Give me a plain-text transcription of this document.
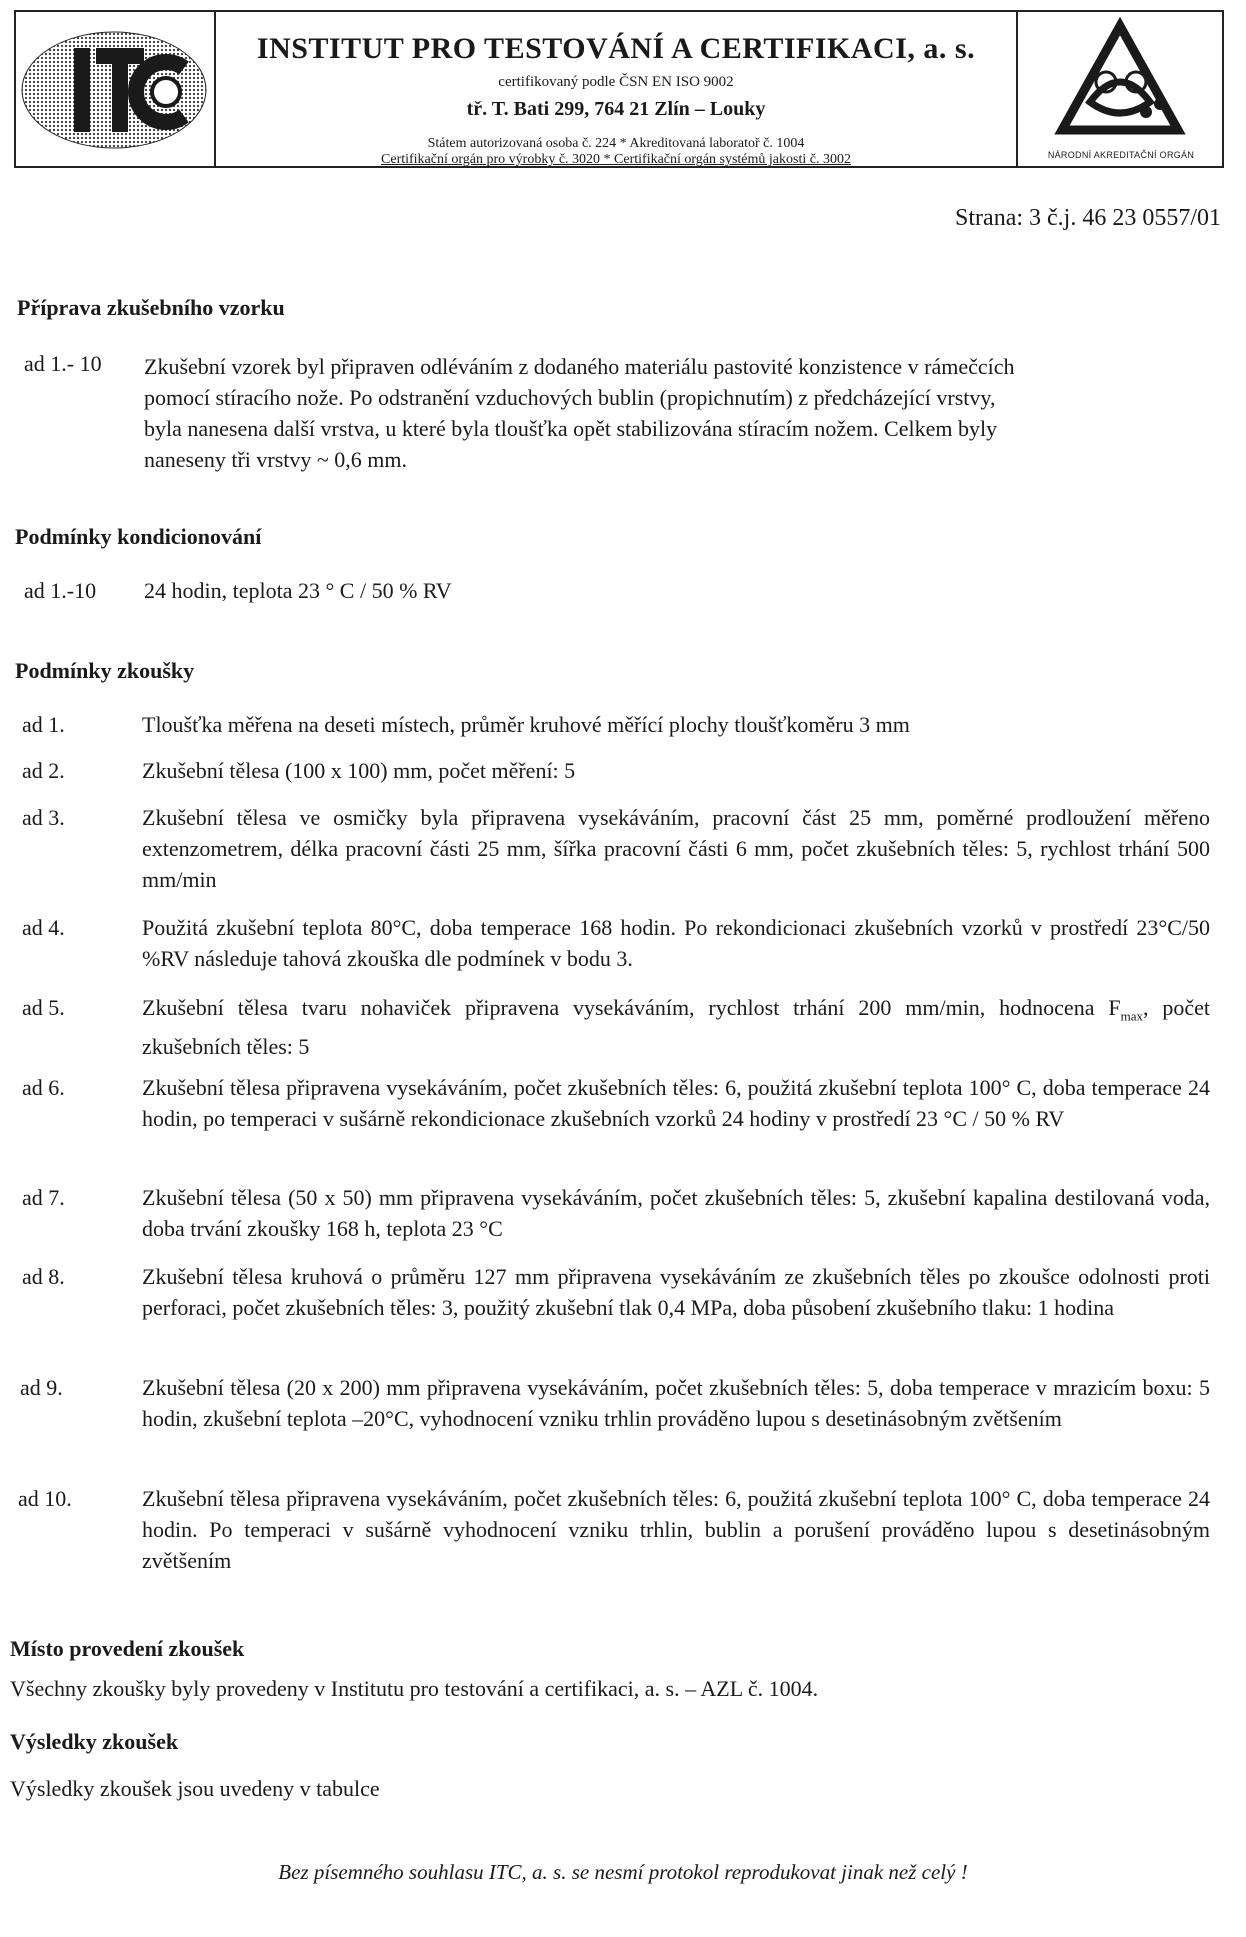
INSTITUT PRO TESTOVÁNÍ A CERTIFIKACI, a. s.
certifikovaný podle ČSN EN ISO 9002
tř. T. Bati 299, 764 21 Zlín – Louky
Státem autorizovaná osoba č. 224 * Akreditovaná laboratoř č. 1004
Certifikační orgán pro výrobky č. 3020 * Certifikační orgán systémů jakosti č. 3002	NÁRODNÍ AKREDITAČNÍ ORGÁN
Strana: 3 č.j. 46 23 0557/01
Příprava zkušebního vzorku
ad 1.- 10 Zkušební vzorek byl připraven odléváním z dodaného materiálu pastovité konzistence v rámečcích
pomocí stíracího nože. Po odstranění vzduchových bublin (propichnutím) z předcházející vrstvy,
byla nanesena další vrstva, u které byla tloušťka opět stabilizována stíracím nožem. Celkem byly
naneseny tři vrstvy ~ 0,6 mm.
Podmínky kondicionování
ad 1.-10 24 hodin, teplota 23 ° C / 50 % RV
Podmínky zkoušky
ad 1.	Tloušťka měřena na deseti místech, průměr kruhové měřící plochy tloušťkoměru 3 mm
ad 2.	Zkušební tělesa (100 x 100) mm, počet měření: 5
ad 3.	Zkušební tělesa ve osmičky byla připravena vysekáváním, pracovní část 25 mm, poměrné prodloužení měřeno extenzometrem, délka pracovní části 25 mm, šířka pracovní části 6 mm, počet zkušebních těles: 5, rychlost trhání 500 mm/min
ad 4.	Použitá zkušební teplota 80°C, doba temperace 168 hodin. Po rekondicionaci zkušebních vzorků v prostředí 23°C/50 %RV následuje tahová zkouška dle podmínek v bodu 3.
ad 5.	Zkušební tělesa tvaru nohaviček připravena vysekáváním, rychlost trhání 200 mm/min, hodnocena $F_{max}$, počet zkušebních těles: 5
ad 6.	Zkušební tělesa připravena vysekáváním, počet zkušebních těles: 6, použitá zkušební teplota 100° C, doba temperace 24 hodin, po temperaci v sušárně rekondicionace zkušebních vzorků 24 hodiny v prostředí 23 °C / 50 % RV
ad 7.	Zkušební tělesa (50 x 50) mm připravena vysekáváním, počet zkušebních těles: 5, zkušební kapalina destilovaná voda, doba trvání zkoušky 168 h, teplota 23 °C
ad 8.	Zkušební tělesa kruhová o průměru 127 mm připravena vysekáváním ze zkušebních těles po zkoušce odolnosti proti perforaci, počet zkušebních těles: 3, použitý zkušební tlak 0,4 MPa, doba působení zkušebního tlaku: 1 hodina
ad 9.	Zkušební tělesa (20 x 200) mm připravena vysekáváním, počet zkušebních těles: 5, doba temperace v mrazicím boxu: 5 hodin, zkušební teplota –20°C, vyhodnocení vzniku trhlin prováděno lupou s desetinásobným zvětšením
ad 10.	Zkušební tělesa připravena vysekáváním, počet zkušebních těles: 6, použitá zkušební teplota 100° C, doba temperace 24 hodin. Po temperaci v sušárně vyhodnocení vzniku trhlin, bublin a porušení prováděno lupou s desetinásobným zvětšením
Místo provedení zkoušek
Všechny zkoušky byly provedeny v Institutu pro testování a certifikaci, a. s. – AZL č. 1004.
Výsledky zkoušek
Výsledky zkoušek jsou uvedeny v tabulce
Bez písemného souhlasu ITC, a. s. se nesmí protokol reprodukovat jinak než celý !
